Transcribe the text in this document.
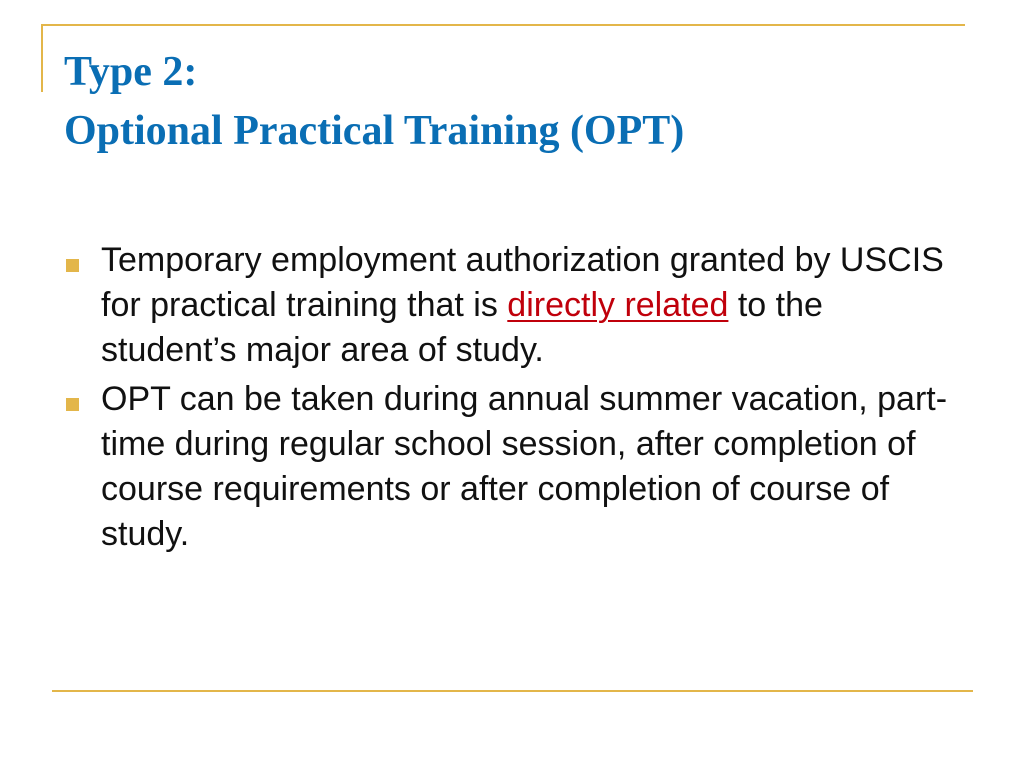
Type 2:
Optional Practical Training (OPT)
Temporary employment authorization granted by USCIS for practical training that is directly related to the student’s major area of study.
OPT can be taken during annual summer vacation, part-time during regular school session, after completion of course requirements or after completion of course of study.
